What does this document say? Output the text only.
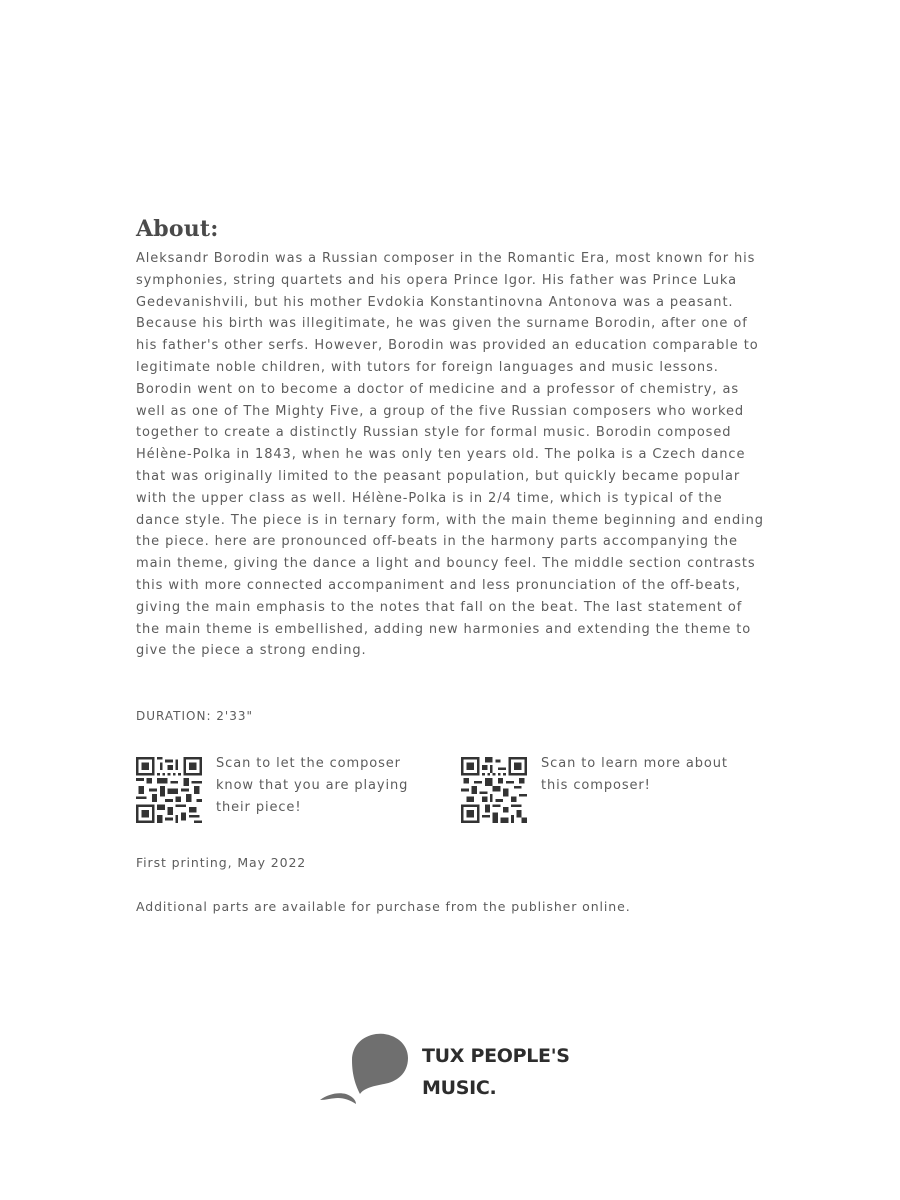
About:

Aleksandr Borodin was a Russian composer in the Romantic Era, most known for his symphonies, string quartets and his opera Prince Igor. His father was Prince Luka Gedevanishvili, but his mother Evdokia Konstantinovna Antonova was a peasant. Because his birth was illegitimate, he was given the surname Borodin, after one of his father's other serfs. However, Borodin was provided an education comparable to legitimate noble children, with tutors for foreign languages and music lessons. Borodin went on to become a doctor of medicine and a professor of chemistry, as well as one of The Mighty Five, a group of the five Russian composers who worked together to create a distinctly Russian style for formal music. Borodin composed Hélène-Polka in 1843, when he was only ten years old. The polka is a Czech dance that was originally limited to the peasant population, but quickly became popular with the upper class as well. Hélène-Polka is in 2/4 time, which is typical of the dance style. The piece is in ternary form, with the main theme beginning and ending the piece. here are pronounced off-beats in the harmony parts accompanying the main theme, giving the dance a light and bouncy feel. The middle section contrasts this with more connected accompaniment and less pronunciation of the off-beats, giving the main emphasis to the notes that fall on the beat. The last statement of the main theme is embellished, adding new harmonies and extending the theme to give the piece a strong ending.

DURATION: 2'33"
Scan to let the composer know that you are playing their piece!
Scan to learn more about this composer!
First printing, May 2022
Additional parts are available for purchase from the publisher online.
TUX PEOPLE'S
MUSIC.
